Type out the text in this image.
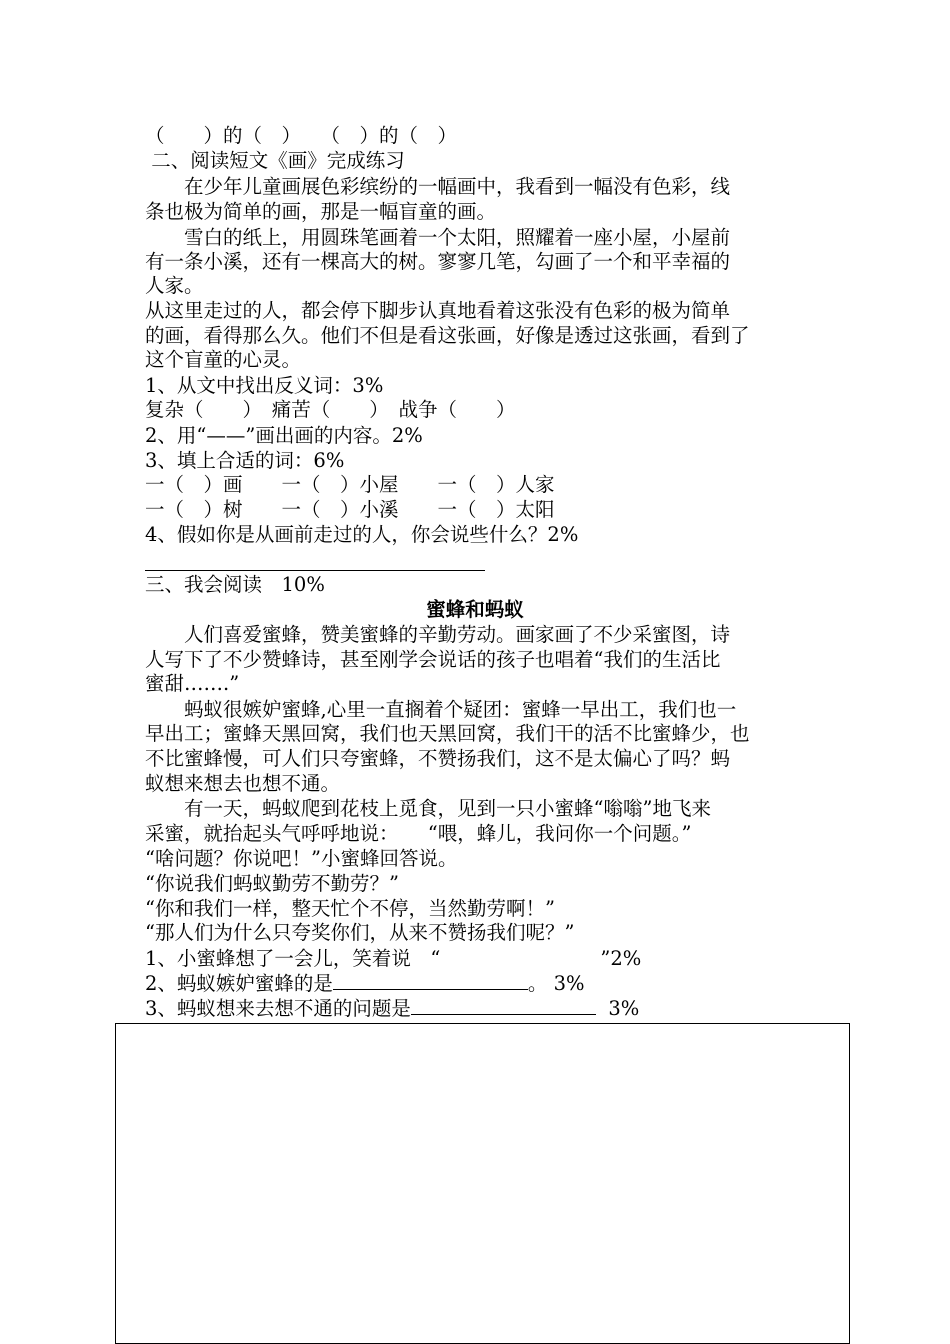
（　　）的（　）　　（　）的（　）

二、阅读短文《画》完成练习

　　在少年儿童画展色彩缤纷的一幅画中，我看到一幅没有色彩，线

条也极为简单的画，那是一幅盲童的画。

　　雪白的纸上，用圆珠笔画着一个太阳，照耀着一座小屋，小屋前

有一条小溪，还有一棵高大的树。寥寥几笔，勾画了一个和平幸福的

人家。

从这里走过的人，都会停下脚步认真地看着这张没有色彩的极为简单

的画，看得那么久。他们不但是看这张画，好像是透过这张画，看到了

这个盲童的心灵。

1、从文中找出反义词：3%

复杂（　　）　痛苦（　　）　战争（　　）

2、用“——”画出画的内容。2%

3、填上合适的词：6%

一（　）画　　一（　）小屋　　一（　）人家

一（　）树　　一（　）小溪　　一（　）太阳

4、假如你是从画前走过的人，你会说些什么？2%

三、我会阅读　10%

蜜蜂和蚂蚁

　　人们喜爱蜜蜂，赞美蜜蜂的辛勤劳动。画家画了不少采蜜图，诗

人写下了不少赞蜂诗，甚至刚学会说话的孩子也唱着“我们的生活比

蜜甜…….”

　　蚂蚁很嫉妒蜜蜂,心里一直搁着个疑团：蜜蜂一早出工，我们也一

早出工；蜜蜂天黑回窝，我们也天黑回窝，我们干的活不比蜜蜂少，也

不比蜜蜂慢，可人们只夸蜜蜂，不赞扬我们，这不是太偏心了吗？蚂

蚁想来想去也想不通。

　　有一天，蚂蚁爬到花枝上觅食，见到一只小蜜蜂“嗡嗡”地飞来

采蜜，就抬起头气呼呼地说：　　“喂，蜂儿，我问你一个问题。”

“啥问题？你说吧！”小蜜蜂回答说。

“你说我们蚂蚁勤劳不勤劳？”

“你和我们一样，整天忙个不停，当然勤劳啊！”

“那人们为什么只夸奖你们，从来不赞扬我们呢？”

1、小蜜蜂想了一会儿，笑着说　“	”2%

2、蚂蚁嫉妒蜜蜂的是	。 3%

3、蚂蚁想来去想不通的问题是	3%
